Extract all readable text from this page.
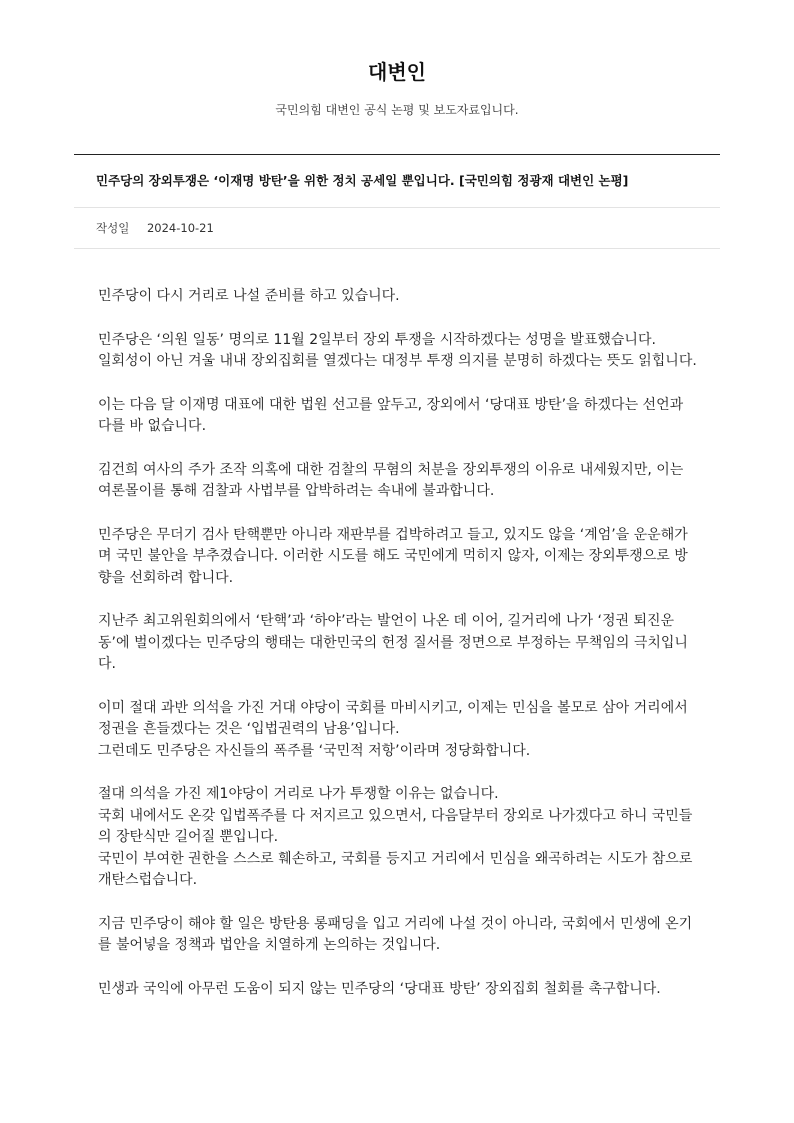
대변인
국민의힘 대변인 공식 논평 및 보도자료입니다.
민주당의 장외투쟁은 ‘이재명 방탄’을 위한 정치 공세일 뿐입니다. [국민의힘 정광재 대변인 논평]
작성일 2024-10-21

민주당이 다시 거리로 나설 준비를 하고 있습니다.

민주당은 ‘의원 일동’ 명의로 11월 2일부터 장외 투쟁을 시작하겠다는 성명을 발표했습니다.
일회성이 아닌 겨울 내내 장외집회를 열겠다는 대정부 투쟁 의지를 분명히 하겠다는 뜻도 읽힙니다.

이는 다음 달 이재명 대표에 대한 법원 선고를 앞두고, 장외에서 ‘당대표 방탄’을 하겠다는 선언과 다를 바 없습니다.

김건희 여사의 주가 조작 의혹에 대한 검찰의 무혐의 처분을 장외투쟁의 이유로 내세웠지만, 이는 여론몰이를 통해 검찰과 사법부를 압박하려는 속내에 불과합니다.

민주당은 무더기 검사 탄핵뿐만 아니라 재판부를 겁박하려고 들고, 있지도 않을 ‘계엄’을 운운해가며 국민 불안을 부추겼습니다. 이러한 시도를 해도 국민에게 먹히지 않자, 이제는 장외투쟁으로 방향을 선회하려 합니다.

지난주 최고위원회의에서 ‘탄핵’과 ‘하야’라는 발언이 나온 데 이어, 길거리에 나가 ‘정권 퇴진운동’에 벌이겠다는 민주당의 행태는 대한민국의 헌정 질서를 정면으로 부정하는 무책임의 극치입니다.

이미 절대 과반 의석을 가진 거대 야당이 국회를 마비시키고, 이제는 민심을 볼모로 삼아 거리에서 정권을 흔들겠다는 것은 ‘입법권력의 남용’입니다.
그런데도 민주당은 자신들의 폭주를 ‘국민적 저항’이라며 정당화합니다.

절대 의석을 가진 제1야당이 거리로 나가 투쟁할 이유는 없습니다.
국회 내에서도 온갖 입법폭주를 다 저지르고 있으면서, 다음달부터 장외로 나가겠다고 하니 국민들의 장탄식만 길어질 뿐입니다.
국민이 부여한 권한을 스스로 훼손하고, 국회를 등지고 거리에서 민심을 왜곡하려는 시도가 참으로 개탄스럽습니다.

지금 민주당이 해야 할 일은 방탄용 롱패딩을 입고 거리에 나설 것이 아니라, 국회에서 민생에 온기를 불어넣을 정책과 법안을 치열하게 논의하는 것입니다.

민생과 국익에 아무런 도움이 되지 않는 민주당의 ‘당대표 방탄’ 장외집회 철회를 촉구합니다.
